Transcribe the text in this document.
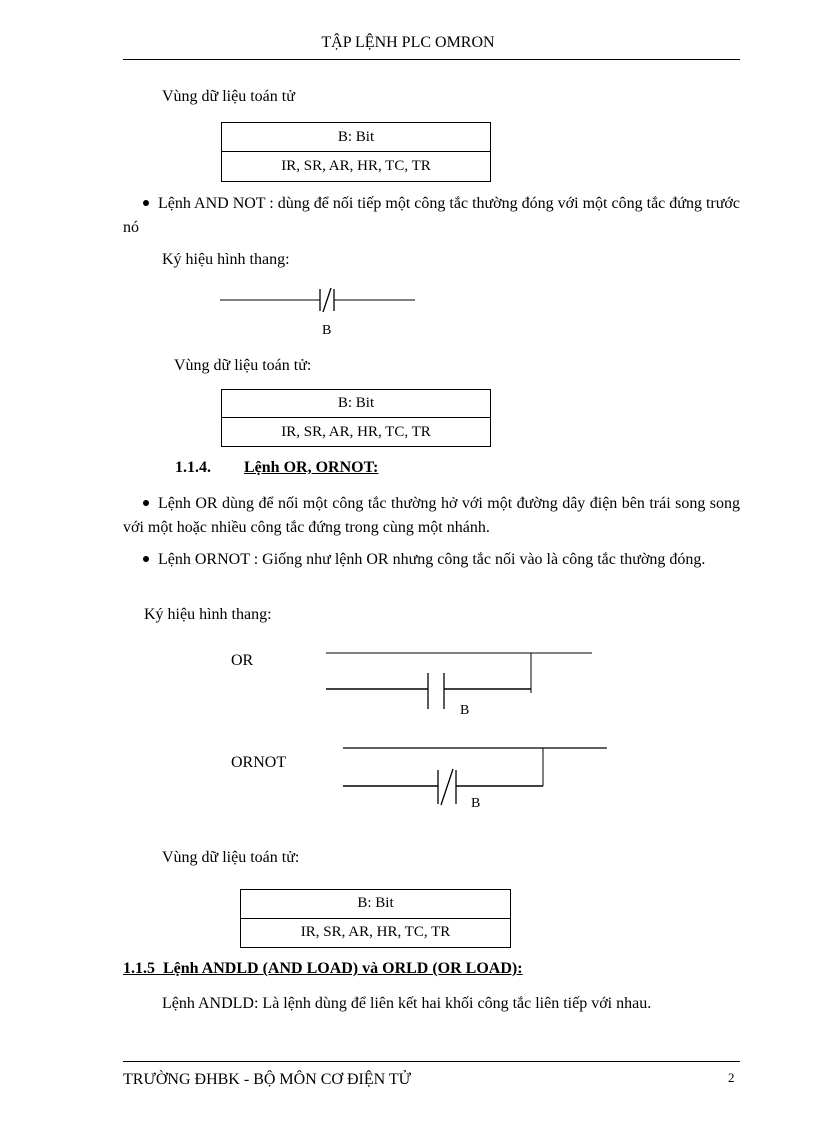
TẬP LỆNH PLC OMRON
Vùng dữ liệu toán tử
B: Bit
IR, SR, AR, HR, TC, TR
Lệnh AND NOT : dùng để nối tiếp một công tắc thường đóng với một công tắc đứng trước nó
Ký hiệu hình thang:
B
Vùng dữ liệu toán tử:
B: Bit
IR, SR, AR, HR, TC, TR
1.1.4. Lệnh OR, ORNOT:
Lệnh OR dùng để nối một công tắc thường hở với một đường dây điện bên trái song song với một hoặc nhiều công tắc đứng trong cùng một nhánh.
Lệnh ORNOT : Giống như lệnh OR nhưng công tắc nối vào là công tắc thường đóng.
Ký hiệu hình thang:
OR
B
ORNOT
B
Vùng dữ liệu toán tử:
B: Bit
IR, SR, AR, HR, TC, TR
1.1.5  Lệnh ANDLD (AND LOAD) và ORLD (OR LOAD):
Lệnh ANDLD: Là lệnh dùng để liên kết hai khối công tắc liên tiếp với nhau.
TRƯỜNG ĐHBK - BỘ MÔN CƠ ĐIỆN TỬ	2
